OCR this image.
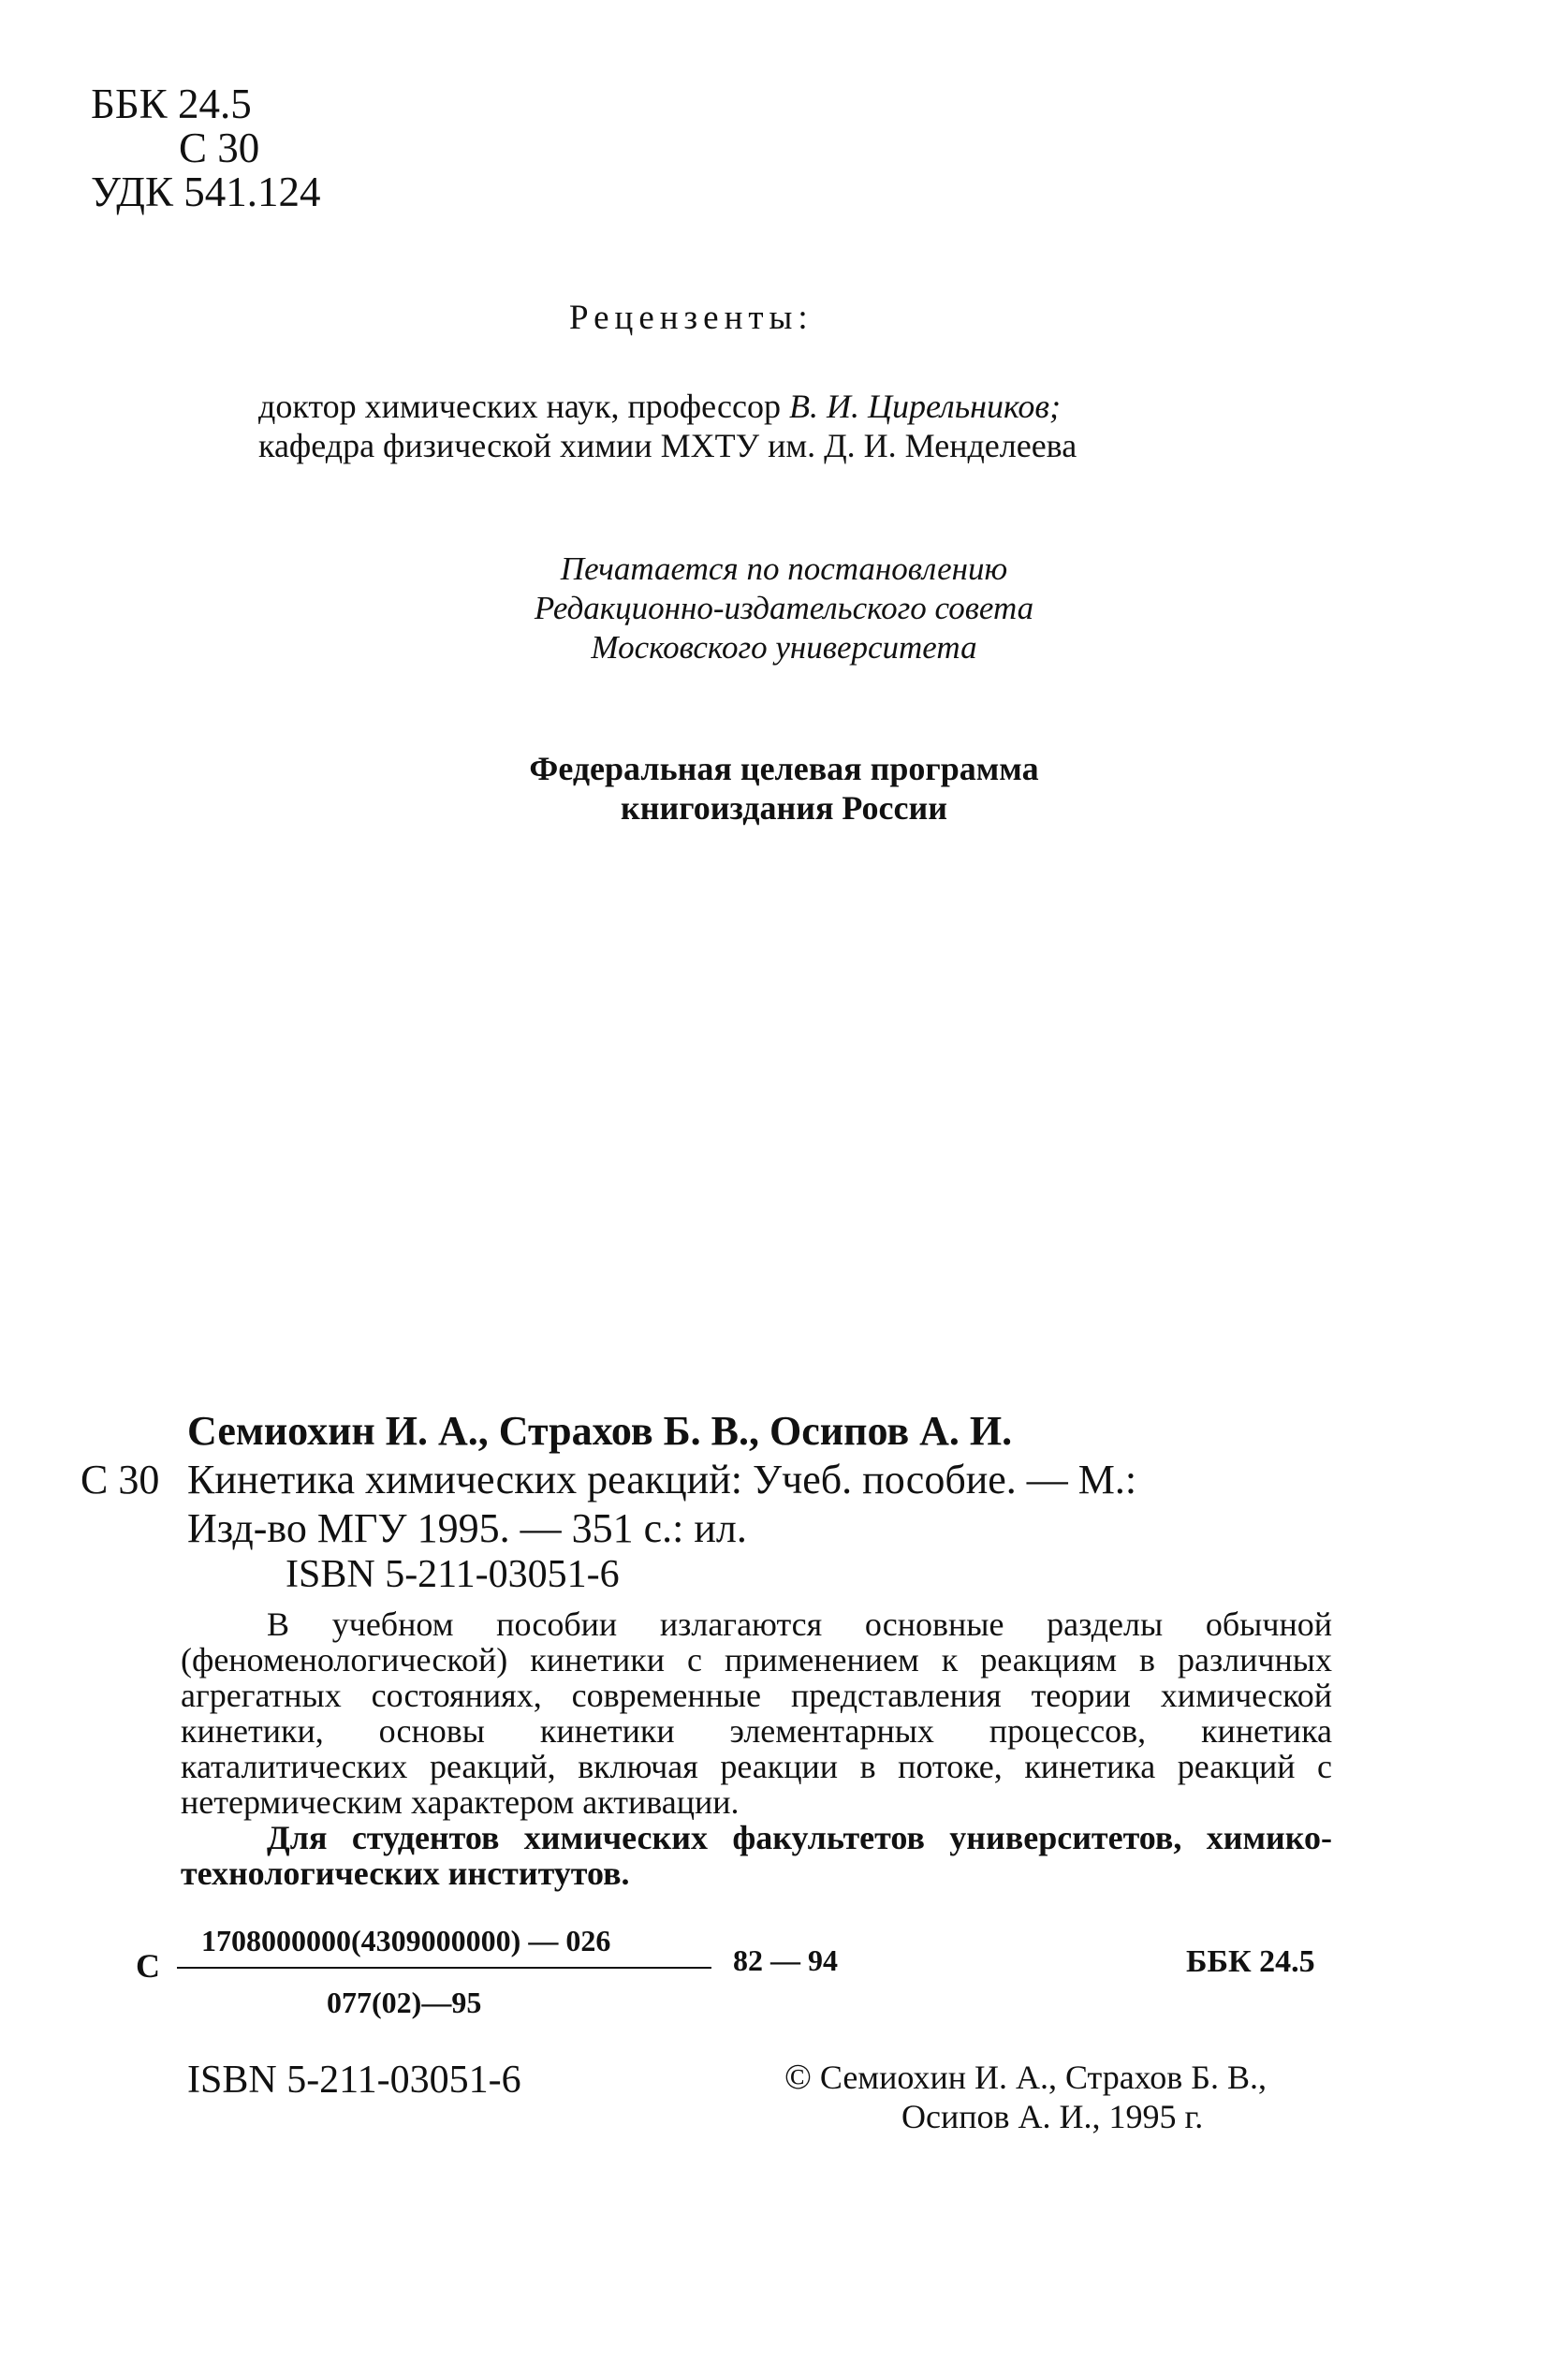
ББК 24.5
С 30
УДК 541.124
Рецензенты:
доктор химических наук, профессор В. И. Цирельников;
кафедра физической химии МХТУ им. Д. И. Менделеева
Печатается по постановлению
Редакционно-издательского совета
Московского университета
Федеральная целевая программа
книгоиздания России
Семиохин И. А., Страхов Б. В., Осипов А. И.
С 30 Кинетика химических реакций: Учеб. пособие. — М.:
Изд-во МГУ 1995. — 351 с.: ил.
ISBN 5-211-03051-6

В учебном пособии излагаются основные разделы обычной (феноменологической) кинетики с применением к реакциям в различных агрегатных состояниях, современные представления теории химической кинетики, основы кинетики элементарных процессов, кинетика каталитических реакций, включая реакции в потоке, кинетика реакций с нетермическим характером активации.

Для студентов химических факультетов университетов, химико-технологических институтов.

С
1708000000(4309000000) — 026
077(02)—95
82 — 94	ББК 24.5
ISBN 5-211-03051-6	© Семиохин И. А., Страхов Б. В.,
Осипов А. И., 1995 г.
